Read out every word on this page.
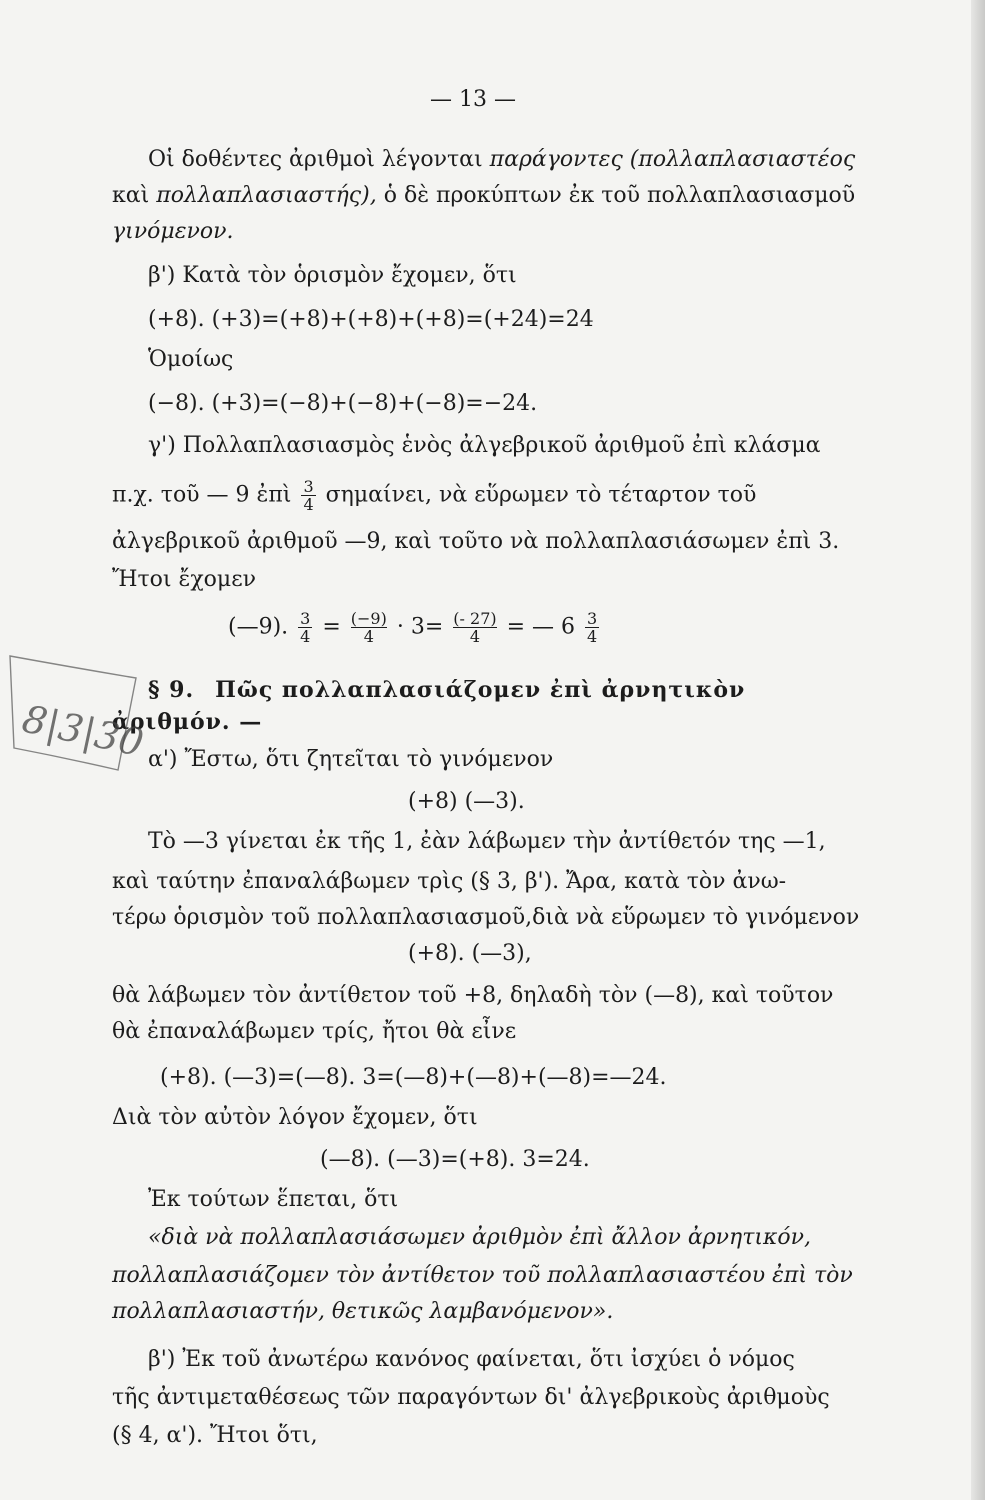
— 13 —
Οἱ δοθέντες ἀριθμοὶ λέγονται παράγοντες (πολλαπλασιαστέος
καὶ πολλαπλασιαστής), ὁ δὲ προκύπτων ἐκ τοῦ πολλαπλασιασμοῦ
γινόμενον.
β') Κατὰ τὸν ὁρισμὸν ἔχομεν, ὅτι
(+8). (+3)=(+8)+(+8)+(+8)=(+24)=24
Ὁμοίως
(−8). (+3)=(−8)+(−8)+(−8)=−24.
γ') Πολλαπλασιασμὸς ἑνὸς ἀλγεβρικοῦ ἀριθμοῦ ἐπὶ κλάσμα
π.χ. τοῦ — 9 ἐπὶ $\frac{3}{4} \sigma\eta\mu\alpha ί\nu\varepsilon\iota$, νὰ εὕρωμεν τὸ τέταρτον τοῦ
ἀλγεβρικοῦ ἀριθμοῦ —9, καὶ τοῦτο νὰ πολλαπλασιάσωμεν ἐπὶ 3.
Ἤτοι ἔχομεν
(—9). $\frac{3}{4} = \frac{(-9)}{4} \cdot 3= \frac{(- 27)}{4}$ = — $6 \frac{3}{4}$
§ 9. Πῶς πολλαπλασιάζομεν ἐπὶ ἀρνητικὸν
ἀριθμόν. —
α') Ἔστω, ὅτι ζητεῖται τὸ γινόμενον
(+8) (—3).
Τὸ —3 γίνεται ἐκ τῆς 1, ἐὰν λάβωμεν τὴν ἀντίθετόν της —1,
καὶ ταύτην ἐπαναλάβωμεν τρὶς (§ 3, β'). Ἄρα, κατὰ τὸν ἀνω-
τέρω ὁρισμὸν τοῦ πολλαπλασιασμοῦ,διὰ νὰ εὕρωμεν τὸ γινόμενον
(+8). (—3),
θὰ λάβωμεν τὸν ἀντίθετον τοῦ +8, δηλαδὴ τὸν (—8), καὶ τοῦτον
θὰ ἐπαναλάβωμεν τρίς, ἤτοι θὰ εἶνε
(+8). (—3)=(—8). 3=(—8)+(—8)+(—8)=—24.
Διὰ τὸν αὐτὸν λόγον ἔχομεν, ὅτι
(—8). (—3)=(+8). 3=24.
Ἐκ τούτων ἕπεται, ὅτι
«διὰ νὰ πολλαπλασιάσωμεν ἀριθμὸν ἐπὶ ἄλλον ἀρνητικόν,
πολλαπλασιάζομεν τὸν ἀντίθετον τοῦ πολλαπλασιαστέου ἐπὶ τὸν
πολλαπλασιαστήν, θετικῶς λαμβανόμενον».
β') Ἐκ τοῦ ἀνωτέρω κανόνος φαίνεται, ὅτι ἰσχύει ὁ νόμος
τῆς ἀντιμεταθέσεως τῶν παραγόντων δι' ἀλγεβρικοὺς ἀριθμοὺς
(§ 4, α'). Ἤτοι ὅτι,
8|3|30
